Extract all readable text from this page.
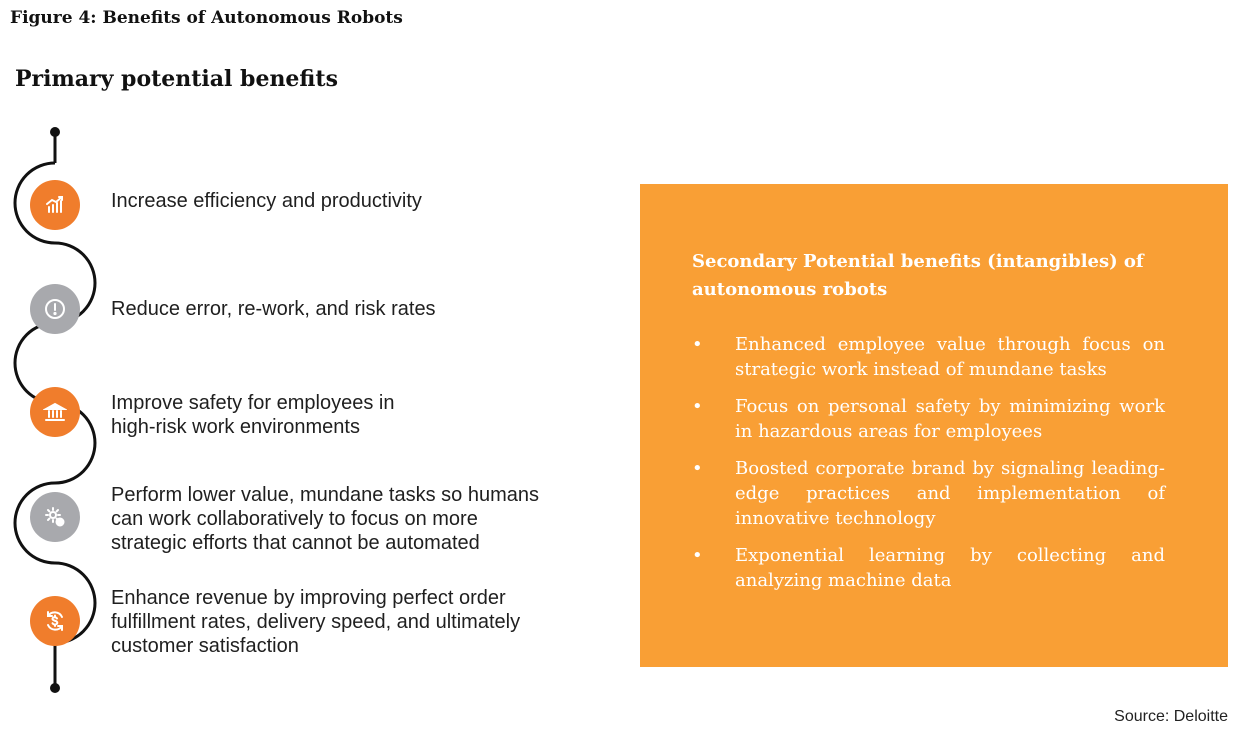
Figure 4: Benefits of Autonomous Robots
Primary potential benefits
Increase efficiency and productivity
Reduce error, re-work, and risk rates
Improve safety for employees in
high-risk work environments
Perform lower value, mundane tasks so humans
can work collaboratively to focus on more
strategic efforts that cannot be automated
Enhance revenue by improving perfect order
fulfillment rates, delivery speed, and ultimately
customer satisfaction
Secondary Potential benefits (intangibles) of autonomous robots
• Enhanced employee value through focus on strategic work instead of mundane tasks
• Focus on personal safety by minimizing work in hazardous areas for employees
• Boosted corporate brand by signaling leading-edge practices and implementation of innovative technology
• Exponential learning by collecting and analyzing machine data
Source: Deloitte
